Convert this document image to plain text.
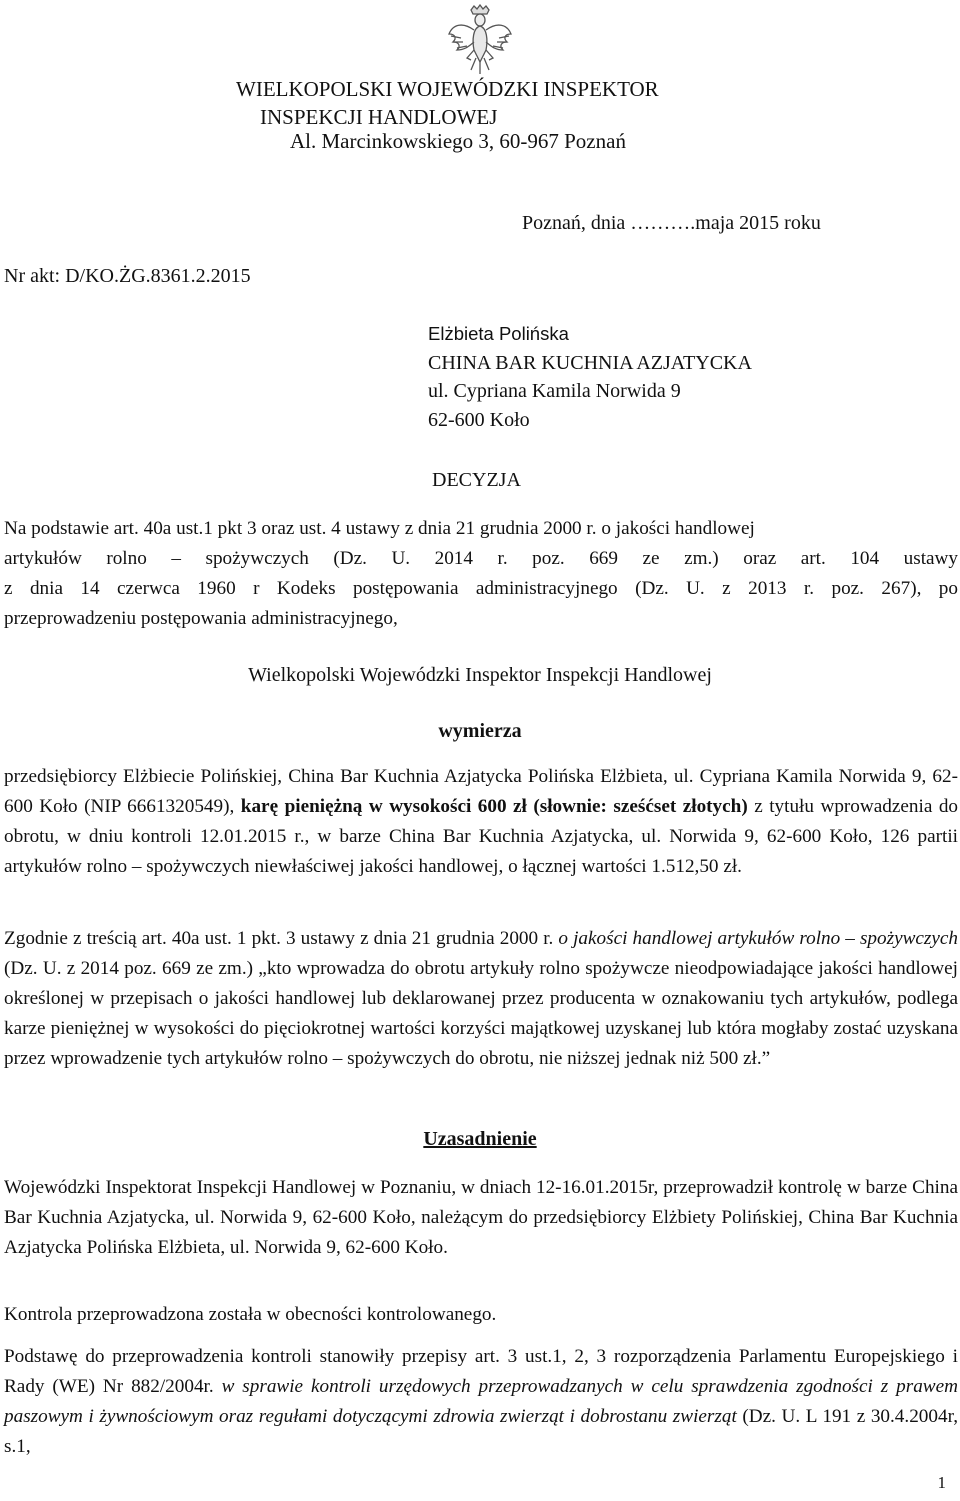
WIELKOPOLSKI WOJEWÓDZKI INSPEKTOR
INSPEKCJI HANDLOWEJ
Al. Marcinkowskiego 3, 60-967 Poznań
Poznań, dnia ……….maja 2015 roku
Nr akt: D/KO.ŻG.8361.2.2015
Elżbieta Polińska
CHINA BAR KUCHNIA AZJATYCKA
ul. Cypriana Kamila Norwida 9
62-600 Koło
DECYZJA
Na podstawie art. 40a ust.1 pkt 3 oraz ust. 4 ustawy z dnia 21 grudnia 2000 r. o jakości handlowej
artykułów rolno – spożywczych (Dz. U. 2014 r. poz. 669 ze zm.) oraz art. 104 ustawy
z dnia 14 czerwca 1960 r Kodeks postępowania administracyjnego (Dz. U. z 2013 r. poz. 267), po
przeprowadzeniu postępowania administracyjnego,
Wielkopolski Wojewódzki Inspektor Inspekcji Handlowej
wymierza
przedsiębiorcy Elżbiecie Polińskiej, China Bar Kuchnia Azjatycka Polińska Elżbieta, ul. Cypriana Kamila Norwida 9, 62-600 Koło (NIP 6661320549), karę pieniężną w wysokości 600 zł (słownie: sześćset złotych) z tytułu wprowadzenia do obrotu, w dniu kontroli 12.01.2015 r., w barze China Bar Kuchnia Azjatycka, ul. Norwida 9, 62-600 Koło, 126 partii artykułów rolno – spożywczych niewłaściwej jakości handlowej, o łącznej wartości 1.512,50 zł.
Zgodnie z treścią art. 40a ust. 1 pkt. 3 ustawy z dnia 21 grudnia 2000 r. o jakości handlowej artykułów rolno – spożywczych (Dz. U. z 2014 poz. 669 ze zm.) „kto wprowadza do obrotu artykuły rolno spożywcze nieodpowiadające jakości handlowej określonej w przepisach o jakości handlowej lub deklarowanej przez producenta w oznakowaniu tych artykułów, podlega karze pieniężnej w wysokości do pięciokrotnej wartości korzyści majątkowej uzyskanej lub która mogłaby zostać uzyskana przez wprowadzenie tych artykułów rolno – spożywczych do obrotu, nie niższej jednak niż 500 zł.”
Uzasadnienie
Wojewódzki Inspektorat Inspekcji Handlowej w Poznaniu, w dniach 12-16.01.2015r, przeprowadził kontrolę w barze China Bar Kuchnia Azjatycka, ul. Norwida 9, 62-600 Koło, należącym do przedsiębiorcy Elżbiety Polińskiej, China Bar Kuchnia Azjatycka Polińska Elżbieta, ul. Norwida 9, 62-600 Koło.
Kontrola przeprowadzona została w obecności kontrolowanego.
Podstawę do przeprowadzenia kontroli stanowiły przepisy art. 3 ust.1, 2, 3 rozporządzenia Parlamentu Europejskiego i Rady (WE) Nr 882/2004r. w sprawie kontroli urzędowych przeprowadzanych w celu sprawdzenia zgodności z prawem paszowym i żywnościowym oraz regułami dotyczącymi zdrowia zwierząt i dobrostanu zwierząt (Dz. U. L 191 z 30.4.2004r, s.1,
1
